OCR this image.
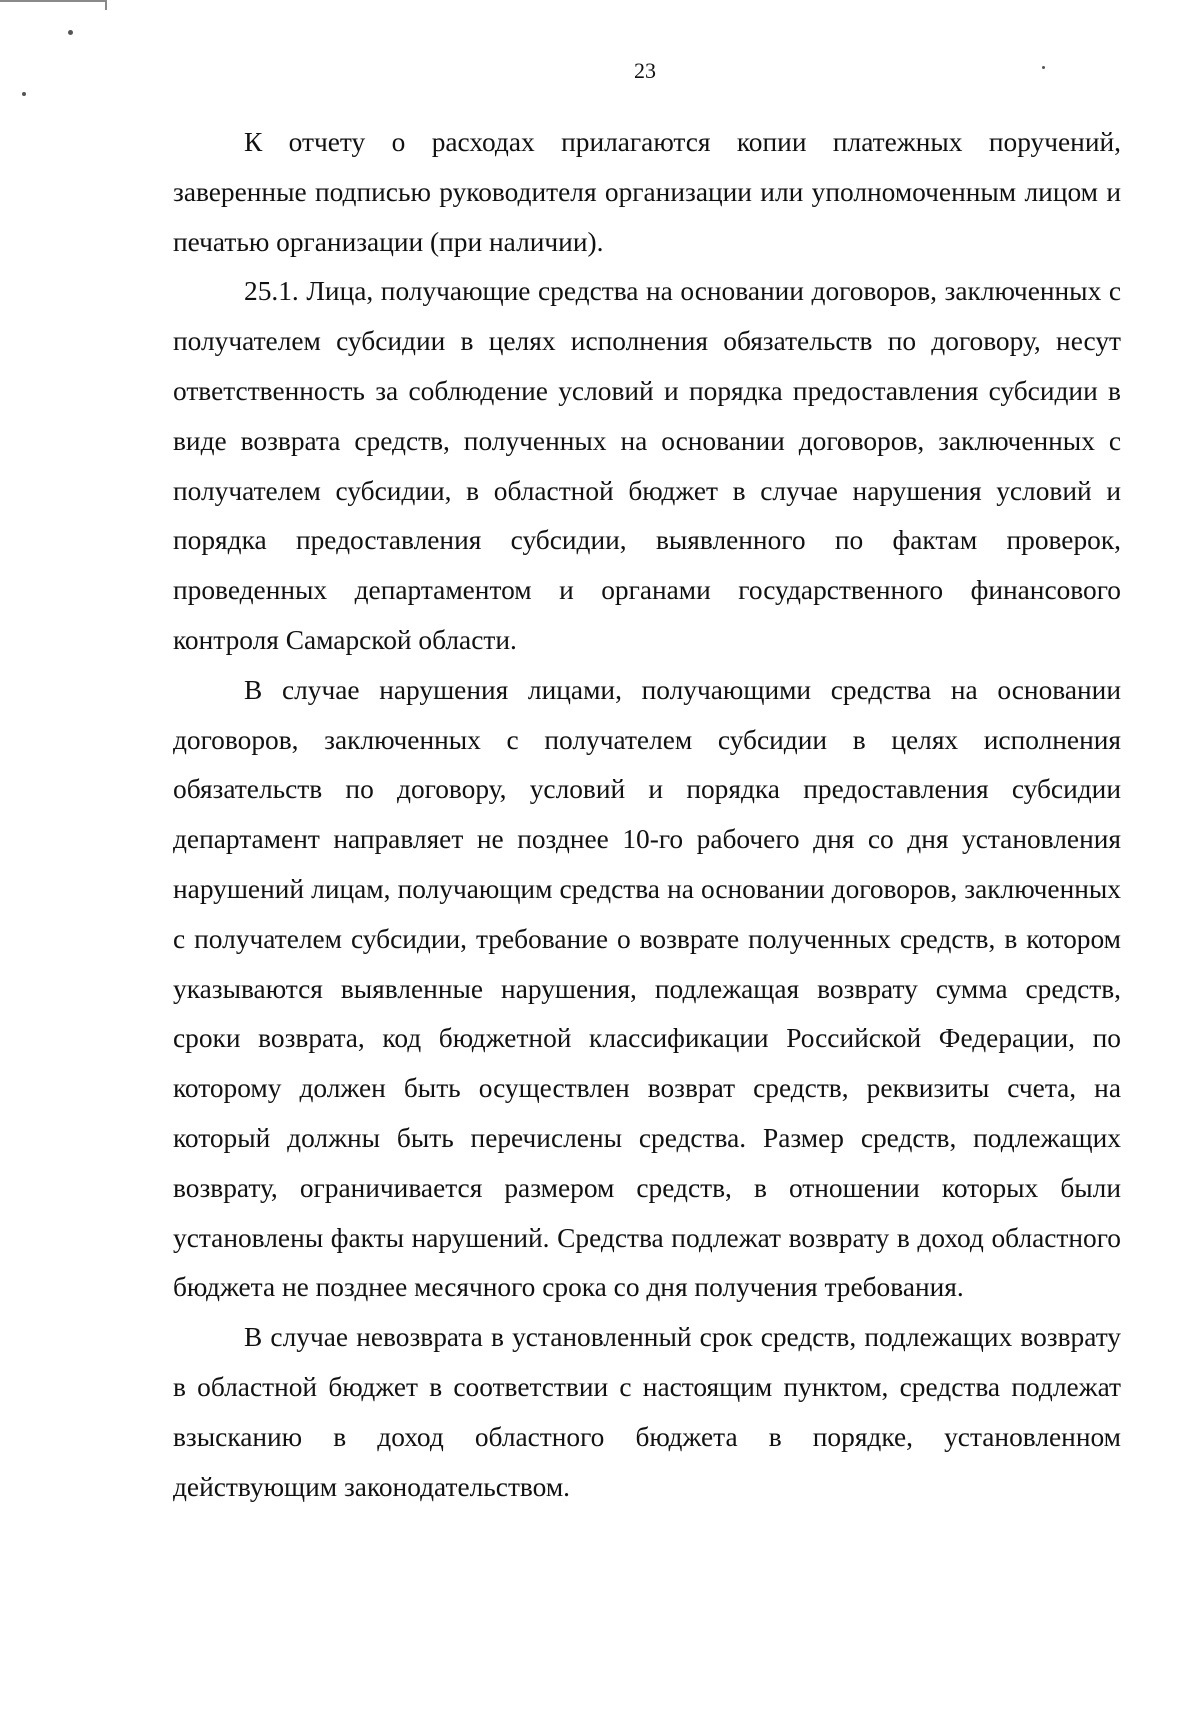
23

К отчету о расходах прилагаются копии платежных поручений, заверенные подписью руководителя организации или уполномоченным лицом и печатью организации (при наличии).

25.1. Лица, получающие средства на основании договоров, заключенных с получателем субсидии в целях исполнения обязательств по договору, несут ответственность за соблюдение условий и порядка предоставления субсидии в виде возврата средств, полученных на основании договоров, заключенных с получателем субсидии, в областной бюджет в случае нарушения условий и порядка предоставления субсидии, выявленного по фактам проверок, проведенных департаментом и органами государственного финансового контроля Самарской области.

В случае нарушения лицами, получающими средства на основании договоров, заключенных с получателем субсидии в целях исполнения обязательств по договору, условий и порядка предоставления субсидии департамент направляет не позднее 10-го рабочего дня со дня установления нарушений лицам, получающим средства на основании договоров, заключенных с получателем субсидии, требование о возврате полученных средств, в котором указываются выявленные нарушения, подлежащая возврату сумма средств, сроки возврата, код бюджетной классификации Российской Федерации, по которому должен быть осуществлен возврат средств, реквизиты счета, на который должны быть перечислены средства. Размер средств, подлежащих возврату, ограничивается размером средств, в отношении которых были установлены факты нарушений. Средства подлежат возврату в доход областного бюджета не позднее месячного срока со дня получения требования.

В случае невозврата в установленный срок средств, подлежащих возврату в областной бюджет в соответствии с настоящим пунктом, средства подлежат взысканию в доход областного бюджета в порядке, установленном действующим законодательством.
